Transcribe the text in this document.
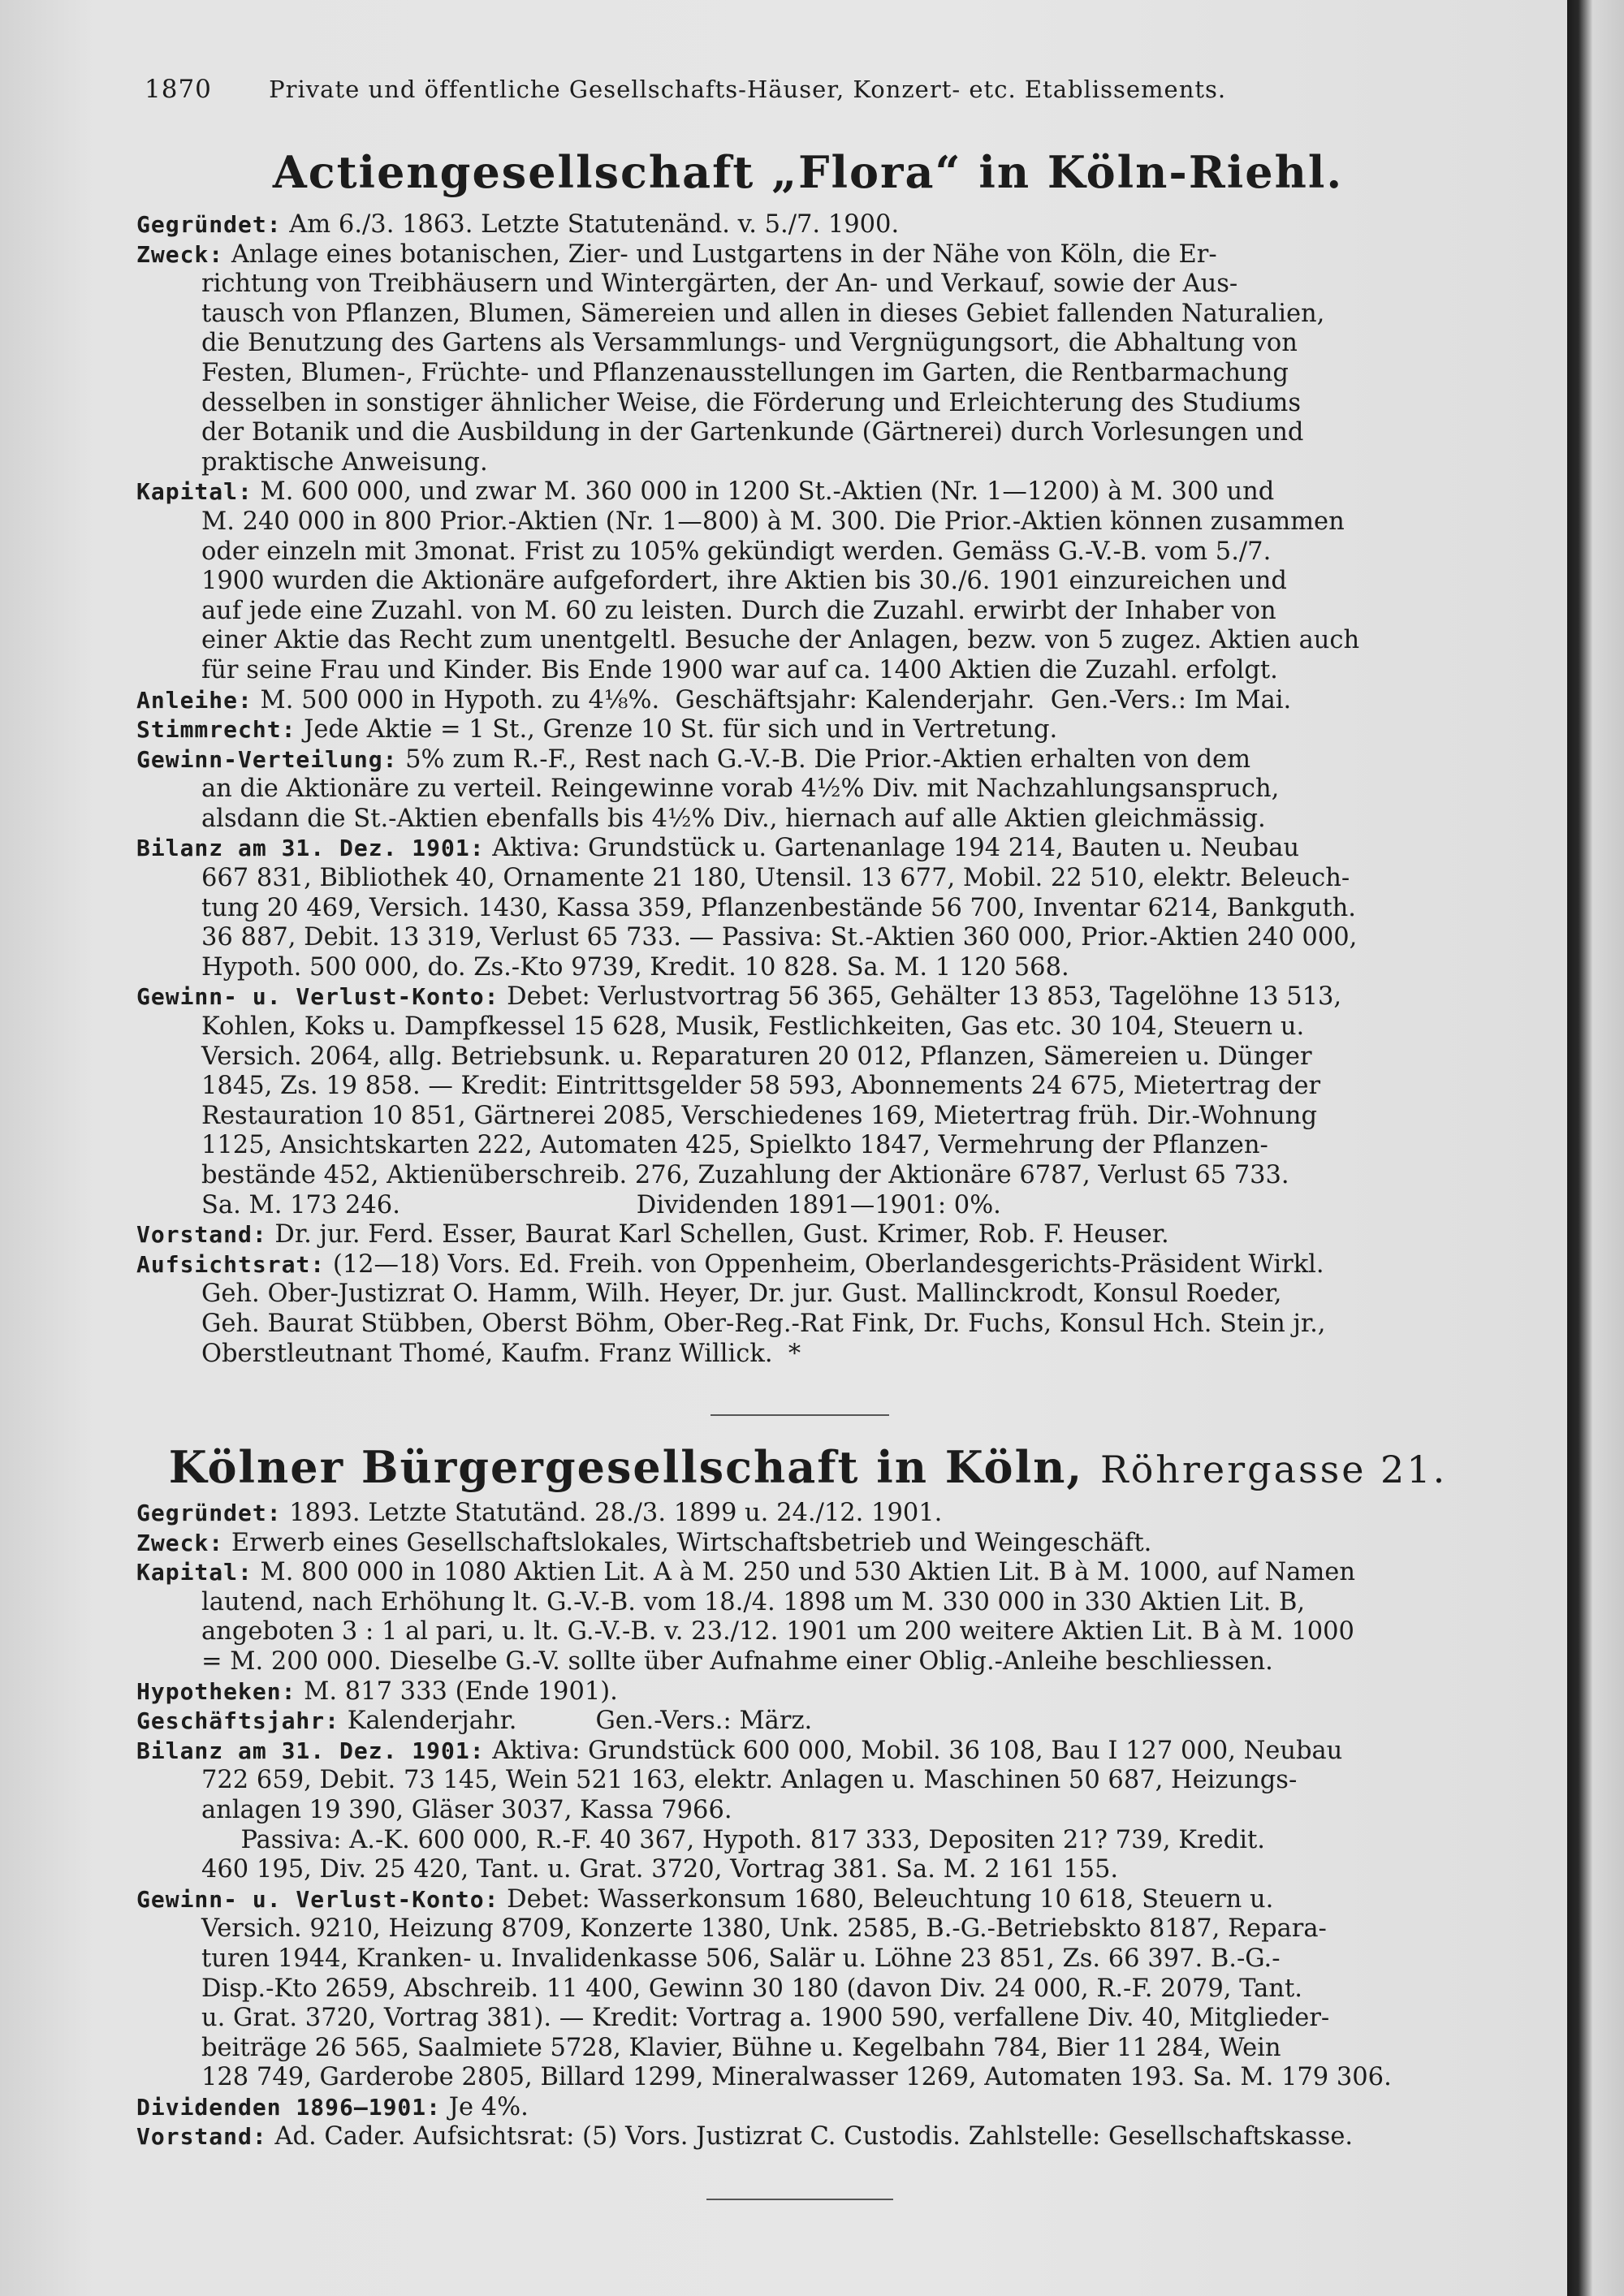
1870 Private und öffentliche Gesellschafts-Häuser, Konzert- etc. Etablissements.
Actiengesellschaft „Flora“ in Köln-Riehl.
Gegründet: Am 6./3. 1863. Letzte Statutenänd. v. 5./7. 1900.
Zweck: Anlage eines botanischen, Zier- und Lustgartens in der Nähe von Köln, die Er-
richtung von Treibhäusern und Wintergärten, der An- und Verkauf, sowie der Aus-
tausch von Pflanzen, Blumen, Sämereien und allen in dieses Gebiet fallenden Naturalien,
die Benutzung des Gartens als Versammlungs- und Vergnügungsort, die Abhaltung von
Festen, Blumen-, Früchte- und Pflanzenausstellungen im Garten, die Rentbarmachung
desselben in sonstiger ähnlicher Weise, die Förderung und Erleichterung des Studiums
der Botanik und die Ausbildung in der Gartenkunde (Gärtnerei) durch Vorlesungen und
praktische Anweisung.
Kapital: M. 600 000, und zwar M. 360 000 in 1200 St.-Aktien (Nr. 1—1200) à M. 300 und
M. 240 000 in 800 Prior.-Aktien (Nr. 1—800) à M. 300. Die Prior.-Aktien können zusammen
oder einzeln mit 3monat. Frist zu 105% gekündigt werden. Gemäss G.-V.-B. vom 5./7.
1900 wurden die Aktionäre aufgefordert, ihre Aktien bis 30./6. 1901 einzureichen und
auf jede eine Zuzahl. von M. 60 zu leisten. Durch die Zuzahl. erwirbt der Inhaber von
einer Aktie das Recht zum unentgeltl. Besuche der Anlagen, bezw. von 5 zugez. Aktien auch
für seine Frau und Kinder. Bis Ende 1900 war auf ca. 1400 Aktien die Zuzahl. erfolgt.
Anleihe: M. 500 000 in Hypoth. zu 4⅛%.  Geschäftsjahr: Kalenderjahr.  Gen.-Vers.: Im Mai.
Stimmrecht: Jede Aktie = 1 St., Grenze 10 St. für sich und in Vertretung.
Gewinn-Verteilung: 5% zum R.-F., Rest nach G.-V.-B. Die Prior.-Aktien erhalten von dem
an die Aktionäre zu verteil. Reingewinne vorab 4½% Div. mit Nachzahlungsanspruch,
alsdann die St.-Aktien ebenfalls bis 4½% Div., hiernach auf alle Aktien gleichmässig.
Bilanz am 31. Dez. 1901: Aktiva: Grundstück u. Gartenanlage 194 214, Bauten u. Neubau
667 831, Bibliothek 40, Ornamente 21 180, Utensil. 13 677, Mobil. 22 510, elektr. Beleuch-
tung 20 469, Versich. 1430, Kassa 359, Pflanzenbestände 56 700, Inventar 6214, Bankguth.
36 887, Debit. 13 319, Verlust 65 733. — Passiva: St.-Aktien 360 000, Prior.-Aktien 240 000,
Hypoth. 500 000, do. Zs.-Kto 9739, Kredit. 10 828. Sa. M. 1 120 568.
Gewinn- u. Verlust-Konto: Debet: Verlustvortrag 56 365, Gehälter 13 853, Tagelöhne 13 513,
Kohlen, Koks u. Dampfkessel 15 628, Musik, Festlichkeiten, Gas etc. 30 104, Steuern u.
Versich. 2064, allg. Betriebsunk. u. Reparaturen 20 012, Pflanzen, Sämereien u. Dünger
1845, Zs. 19 858. — Kredit: Eintrittsgelder 58 593, Abonnements 24 675, Mietertrag der
Restauration 10 851, Gärtnerei 2085, Verschiedenes 169, Mietertrag früh. Dir.-Wohnung
1125, Ansichtskarten 222, Automaten 425, Spielkto 1847, Vermehrung der Pflanzen-
bestände 452, Aktienüberschreib. 276, Zuzahlung der Aktionäre 6787, Verlust 65 733.
Sa. M. 173 246.                              Dividenden 1891—1901: 0%.
Vorstand: Dr. jur. Ferd. Esser, Baurat Karl Schellen, Gust. Krimer, Rob. F. Heuser.
Aufsichtsrat: (12—18) Vors. Ed. Freih. von Oppenheim, Oberlandesgerichts-Präsident Wirkl.
Geh. Ober-Justizrat O. Hamm, Wilh. Heyer, Dr. jur. Gust. Mallinckrodt, Konsul Roeder,
Geh. Baurat Stübben, Oberst Böhm, Ober-Reg.-Rat Fink, Dr. Fuchs, Konsul Hch. Stein jr.,
Oberstleutnant Thomé, Kaufm. Franz Willick.  *
Kölner Bürgergesellschaft in Köln, Röhrergasse 21.
Gegründet: 1893. Letzte Statutänd. 28./3. 1899 u. 24./12. 1901.
Zweck: Erwerb eines Gesellschaftslokales, Wirtschaftsbetrieb und Weingeschäft.
Kapital: M. 800 000 in 1080 Aktien Lit. A à M. 250 und 530 Aktien Lit. B à M. 1000, auf Namen
lautend, nach Erhöhung lt. G.-V.-B. vom 18./4. 1898 um M. 330 000 in 330 Aktien Lit. B,
angeboten 3 : 1 al pari, u. lt. G.-V.-B. v. 23./12. 1901 um 200 weitere Aktien Lit. B à M. 1000
= M. 200 000. Dieselbe G.-V. sollte über Aufnahme einer Oblig.-Anleihe beschliessen.
Hypotheken: M. 817 333 (Ende 1901).
Geschäftsjahr: Kalenderjahr.          Gen.-Vers.: März.
Bilanz am 31. Dez. 1901: Aktiva: Grundstück 600 000, Mobil. 36 108, Bau I 127 000, Neubau
722 659, Debit. 73 145, Wein 521 163, elektr. Anlagen u. Maschinen 50 687, Heizungs-
anlagen 19 390, Gläser 3037, Kassa 7966.
Passiva: A.-K. 600 000, R.-F. 40 367, Hypoth. 817 333, Depositen 21? 739, Kredit.
460 195, Div. 25 420, Tant. u. Grat. 3720, Vortrag 381. Sa. M. 2 161 155.
Gewinn- u. Verlust-Konto: Debet: Wasserkonsum 1680, Beleuchtung 10 618, Steuern u.
Versich. 9210, Heizung 8709, Konzerte 1380, Unk. 2585, B.-G.-Betriebskto 8187, Repara-
turen 1944, Kranken- u. Invalidenkasse 506, Salär u. Löhne 23 851, Zs. 66 397. B.-G.-
Disp.-Kto 2659, Abschreib. 11 400, Gewinn 30 180 (davon Div. 24 000, R.-F. 2079, Tant.
u. Grat. 3720, Vortrag 381). — Kredit: Vortrag a. 1900 590, verfallene Div. 40, Mitglieder-
beiträge 26 565, Saalmiete 5728, Klavier, Bühne u. Kegelbahn 784, Bier 11 284, Wein
128 749, Garderobe 2805, Billard 1299, Mineralwasser 1269, Automaten 193. Sa. M. 179 306.
Dividenden 1896—1901: Je 4%.
Vorstand: Ad. Cader. Aufsichtsrat: (5) Vors. Justizrat C. Custodis. Zahlstelle: Gesellschaftskasse.
